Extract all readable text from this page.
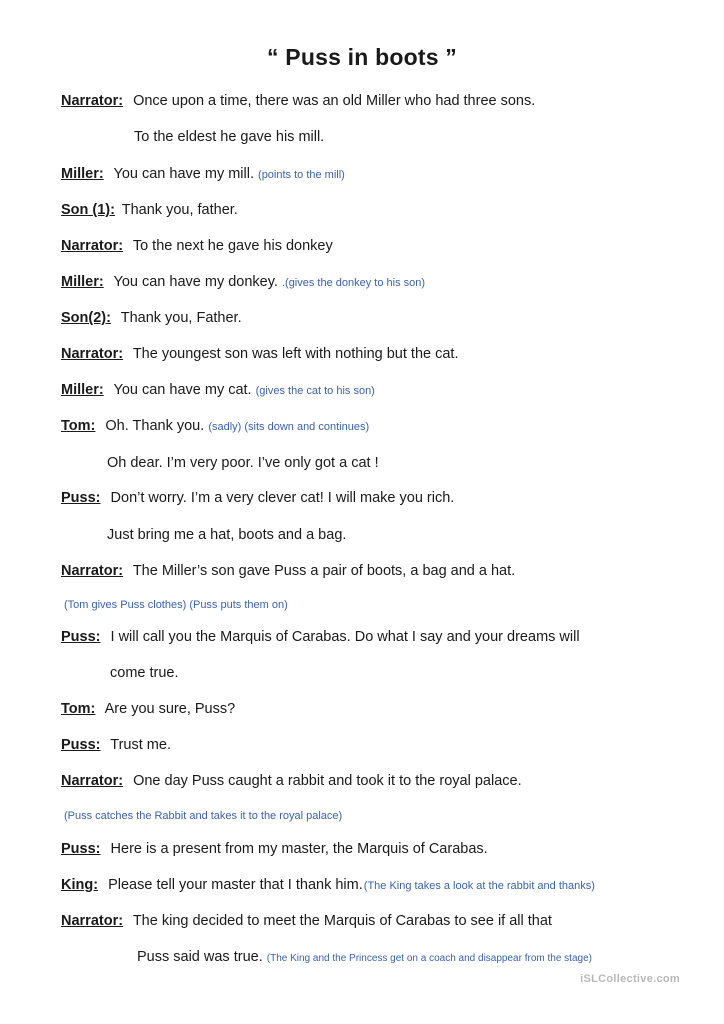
“ Puss in boots ”
Narrator: Once upon a time, there was an old Miller who had three sons.
To the eldest he gave his mill.
Miller: You can have my mill. (points to the mill)
Son (1): Thank you, father.
Narrator: To the next he gave his donkey
Miller: You can have my donkey. .(gives the donkey to his son)
Son(2): Thank you, Father.
Narrator: The youngest son was left with nothing but the cat.
Miller: You can have my cat. (gives the cat to his son)
Tom: Oh. Thank you. (sadly) (sits down and continues)
Oh dear. I’m very poor. I’ve only got a cat !
Puss: Don’t worry. I’m a very clever cat! I will make you rich.
Just bring me a hat, boots and a bag.
Narrator: The Miller’s son gave Puss a pair of boots, a bag and a hat.
(Tom gives Puss clothes) (Puss puts them on)
Puss: I will call you the Marquis of Carabas. Do what I say and your dreams will
come true.
Tom: Are you sure, Puss?
Puss: Trust me.
Narrator: One day Puss caught a rabbit and took it to the royal palace.
(Puss catches the Rabbit and takes it to the royal palace)
Puss: Here is a present from my master, the Marquis of Carabas.
King: Please tell your master that I thank him. (The King takes a look at the rabbit and thanks)
Narrator: The king decided to meet the Marquis of Carabas to see if all that
Puss said was true. (The King and the Princess get on a coach and disappear from the stage)
iSLCollective.com
